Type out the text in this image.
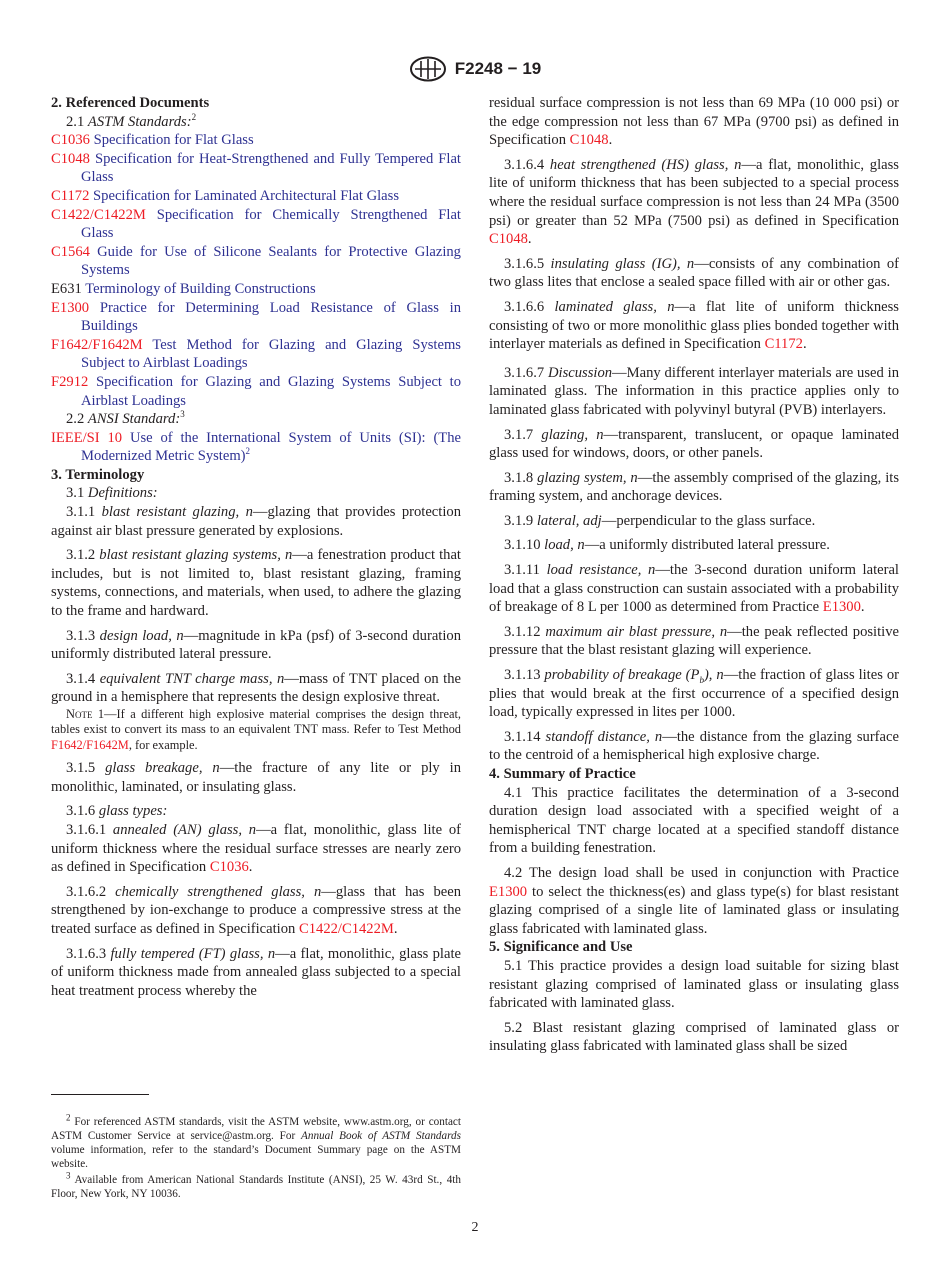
F2248 − 19

2. Referenced Documents

2.1 ASTM Standards:$^2$

C1036 Specification for Flat Glass

C1048 Specification for Heat-Strengthened and Fully Tempered Flat Glass

C1172 Specification for Laminated Architectural Flat Glass

C1422/C1422M Specification for Chemically Strengthened Flat Glass

C1564 Guide for Use of Silicone Sealants for Protective Glazing Systems

E631 Terminology of Building Constructions

E1300 Practice for Determining Load Resistance of Glass in Buildings

F1642/F1642M Test Method for Glazing and Glazing Systems Subject to Airblast Loadings

F2912 Specification for Glazing and Glazing Systems Subject to Airblast Loadings

2.2 ANSI Standard:$^3$

IEEE/SI 10 Use of the International System of Units (SI): (The Modernized Metric System)$^2$

3. Terminology

3.1 Definitions:

3.1.1 blast resistant glazing, n—glazing that provides protection against air blast pressure generated by explosions.

3.1.2 blast resistant glazing systems, n—a fenestration product that includes, but is not limited to, blast resistant glazing, framing systems, connections, and materials, when used, to adhere the glazing to the frame and hardward.

3.1.3 design load, n—magnitude in kPa (psf) of 3-second duration uniformly distributed lateral pressure.

3.1.4 equivalent TNT charge mass, n—mass of TNT placed on the ground in a hemisphere that represents the design explosive threat.

Note 1—If a different high explosive material comprises the design threat, tables exist to convert its mass to an equivalent TNT mass. Refer to Test Method F1642/F1642M, for example.

3.1.5 glass breakage, n—the fracture of any lite or ply in monolithic, laminated, or insulating glass.

3.1.6 glass types:

3.1.6.1 annealed (AN) glass, n—a flat, monolithic, glass lite of uniform thickness where the residual surface stresses are nearly zero as defined in Specification C1036.

3.1.6.2 chemically strengthened glass, n—glass that has been strengthened by ion-exchange to produce a compressive stress at the treated surface as defined in Specification C1422/C1422M.

3.1.6.3 fully tempered (FT) glass, n—a flat, monolithic, glass plate of uniform thickness made from annealed glass subjected to a special heat treatment process whereby the

$^2$ For referenced ASTM standards, visit the ASTM website, www.astm.org, or contact ASTM Customer Service at service@astm.org. For Annual Book of ASTM Standards volume information, refer to the standard’s Document Summary page on the ASTM website.

$^3$ Available from American National Standards Institute (ANSI), 25 W. 43rd St., 4th Floor, New York, NY 10036.

residual surface compression is not less than 69 MPa (10 000 psi) or the edge compression not less than 67 MPa (9700 psi) as defined in Specification C1048.

3.1.6.4 heat strengthened (HS) glass, n—a flat, monolithic, glass lite of uniform thickness that has been subjected to a special process where the residual surface compression is not less than 24 MPa (3500 psi) or greater than 52 MPa (7500 psi) as defined in Specification C1048.

3.1.6.5 insulating glass (IG), n—consists of any combination of two glass lites that enclose a sealed space filled with air or other gas.

3.1.6.6 laminated glass, n—a flat lite of uniform thickness consisting of two or more monolithic glass plies bonded together with interlayer materials as defined in Specification C1172.

3.1.6.7 Discussion—Many different interlayer materials are used in laminated glass. The information in this practice applies only to laminated glass fabricated with polyvinyl butyral (PVB) interlayers.

3.1.7 glazing, n—transparent, translucent, or opaque laminated glass used for windows, doors, or other panels.

3.1.8 glazing system, n—the assembly comprised of the glazing, its framing system, and anchorage devices.

3.1.9 lateral, adj—perpendicular to the glass surface.

3.1.10 load, n—a uniformly distributed lateral pressure.

3.1.11 load resistance, n—the 3-second duration uniform lateral load that a glass construction can sustain associated with a probability of breakage of 8 L per 1000 as determined from Practice E1300.

3.1.12 maximum air blast pressure, n—the peak reflected positive pressure that the blast resistant glazing will experience.

3.1.13 probability of breakage $(P_b)$, n—the fraction of glass lites or plies that would break at the first occurrence of a specified design load, typically expressed in lites per 1000.

3.1.14 standoff distance, n—the distance from the glazing surface to the centroid of a hemispherical high explosive charge.

4. Summary of Practice

4.1 This practice facilitates the determination of a 3-second duration design load associated with a specified weight of a hemispherical TNT charge located at a specified standoff distance from a building fenestration.

4.2 The design load shall be used in conjunction with Practice E1300 to select the thickness(es) and glass type(s) for blast resistant glazing comprised of a single lite of laminated glass or insulating glass fabricated with laminated glass.

5. Significance and Use

5.1 This practice provides a design load suitable for sizing blast resistant glazing comprised of laminated glass or insulating glass fabricated with laminated glass.

5.2 Blast resistant glazing comprised of laminated glass or insulating glass fabricated with laminated glass shall be sized

2
